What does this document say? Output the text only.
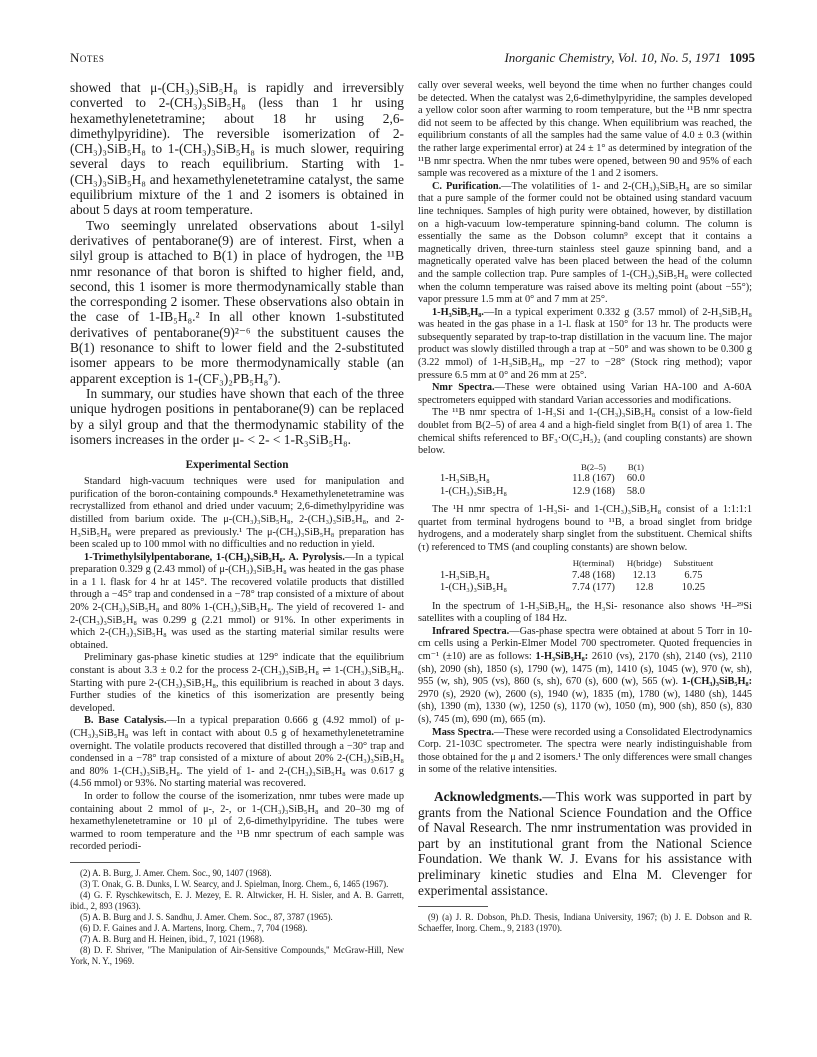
Notes	Inorganic Chemistry, Vol. 10, No. 5, 1971 1095

showed that μ-(CH₃)₃SiB₅H₈ is rapidly and irreversibly converted to 2-(CH₃)₃SiB₅H₈ (less than 1 hr using hexamethylenetetramine; about 18 hr using 2,6-dimethylpyridine). The reversible isomerization of 2-(CH₃)₃SiB₅H₈ to 1-(CH₃)₃SiB₅H₈ is much slower, requiring several days to reach equilibrium. Starting with 1-(CH₃)₃SiB₅H₈ and hexamethylenetetramine catalyst, the same equilibrium mixture of the 1 and 2 isomers is obtained in about 5 days at room temperature.

Two seemingly unrelated observations about 1-silyl derivatives of pentaborane(9) are of interest. First, when a silyl group is attached to B(1) in place of hydrogen, the ¹¹B nmr resonance of that boron is shifted to higher field, and, second, this 1 isomer is more thermodynamically stable than the corresponding 2 isomer. These observations also obtain in the case of 1-IB₅H₈.² In all other known 1-substituted derivatives of pentaborane(9)²⁻⁶ the substituent causes the B(1) resonance to shift to lower field and the 2-substituted isomer appears to be more thermodynamically stable (an apparent exception is 1-(CF₃)₂PB₅H₈⁷).

In summary, our studies have shown that each of the three unique hydrogen positions in pentaborane(9) can be replaced by a silyl group and that the thermodynamic stability of the isomers increases in the order μ- < 2- < 1-R₃SiB₅H₈.

Experimental Section

Standard high-vacuum techniques were used for manipulation and purification of the boron-containing compounds.⁸ Hexamethylenetetramine was recrystallized from ethanol and dried under vacuum; 2,6-dimethylpyridine was distilled from barium oxide. The μ-(CH₃)₃SiB₅H₈, 2-(CH₃)₃SiB₅H₈, and 2-H₃SiB₅H₈ were prepared as previously.¹ The μ-(CH₃)₃SiB₅H₈ preparation has been scaled up to 100 mmol with no difficulties and no reduction in yield.

1-Trimethylsilylpentaborane, 1-(CH₃)₃SiB₅H₈. A. Pyrolysis.—In a typical preparation 0.329 g (2.43 mmol) of μ-(CH₃)₃SiB₅H₈ was heated in the gas phase in a 1 l. flask for 4 hr at 145°. The recovered volatile products that distilled through a −45° trap and condensed in a −78° trap consisted of a mixture of about 20% 2-(CH₃)₃SiB₅H₈ and 80% 1-(CH₃)₃SiB₅H₈. The yield of recovered 1- and 2-(CH₃)₃SiB₅H₈ was 0.299 g (2.21 mmol) or 91%. In other experiments in which 2-(CH₃)₃SiB₅H₈ was used as the starting material similar results were obtained.

Preliminary gas-phase kinetic studies at 129° indicate that the equilibrium constant is about 3.3 ± 0.2 for the process 2-(CH₃)₃SiB₅H₈ ⇌ 1-(CH₃)₃SiB₅H₈. Starting with pure 2-(CH₃)₃SiB₅H₈, this equilibrium is reached in about 3 days. Further studies of the kinetics of this isomerization are presently being developed.

B. Base Catalysis.—In a typical preparation 0.666 g (4.92 mmol) of μ-(CH₃)₃SiB₅H₈ was left in contact with about 0.5 g of hexamethylenetetramine overnight. The volatile products recovered that distilled through a −30° trap and condensed in a −78° trap consisted of a mixture of about 20% 2-(CH₃)₃SiB₅H₈ and 80% 1-(CH₃)₃SiB₅H₈. The yield of 1- and 2-(CH₃)₃SiB₅H₈ was 0.617 g (4.56 mmol) or 93%. No starting material was recovered.

In order to follow the course of the isomerization, nmr tubes were made up containing about 2 mmol of μ-, 2-, or 1-(CH₃)₃SiB₅H₈ and 20–30 mg of hexamethylenetetramine or 10 μl of 2,6-dimethylpyridine. The tubes were warmed to room temperature and the ¹¹B nmr spectrum of each sample was recorded periodi-

(2) A. B. Burg, J. Amer. Chem. Soc., 90, 1407 (1968).

(3) T. Onak, G. B. Dunks, I. W. Searcy, and J. Spielman, Inorg. Chem., 6, 1465 (1967).

(4) G. F. Ryschkewitsch, E. J. Mezey, E. R. Altwicker, H. H. Sisler, and A. B. Garrett, ibid., 2, 893 (1963).

(5) A. B. Burg and J. S. Sandhu, J. Amer. Chem. Soc., 87, 3787 (1965).

(6) D. F. Gaines and J. A. Martens, Inorg. Chem., 7, 704 (1968).

(7) A. B. Burg and H. Heinen, ibid., 7, 1021 (1968).

(8) D. F. Shriver, "The Manipulation of Air-Sensitive Compounds," McGraw-Hill, New York, N. Y., 1969.

cally over several weeks, well beyond the time when no further changes could be detected. When the catalyst was 2,6-dimethylpyridine, the samples developed a yellow color soon after warming to room temperature, but the ¹¹B nmr spectra did not seem to be affected by this change. When equilibrium was reached, the equilibrium constants of all the samples had the same value of 4.0 ± 0.3 (within the rather large experimental error) at 24 ± 1° as determined by integration of the ¹¹B nmr spectra. When the nmr tubes were opened, between 90 and 95% of each sample was recovered as a mixture of the 1 and 2 isomers.

C. Purification.—The volatilities of 1- and 2-(CH₃)₃SiB₅H₈ are so similar that a pure sample of the former could not be obtained using standard vacuum line techniques. Samples of high purity were obtained, however, by distillation on a high-vacuum low-temperature spinning-band column. The column is essentially the same as the Dobson column⁹ except that it contains a magnetically driven, three-turn stainless steel gauze spinning band, and a magnetically operated valve has been placed between the head of the column and the sample collection trap. Pure samples of 1-(CH₃)₃SiB₅H₈ were collected when the column temperature was raised above its melting point (about −55°); vapor pressure 1.5 mm at 0° and 7 mm at 25°.

1-H₃SiB₅H₈.—In a typical experiment 0.332 g (3.57 mmol) of 2-H₃SiB₅H₈ was heated in the gas phase in a 1-l. flask at 150° for 13 hr. The products were subsequently separated by trap-to-trap distillation in the vacuum line. The major product was slowly distilled through a trap at −50° and was shown to be 0.300 g (3.22 mmol) of 1-H₃SiB₅H₈, mp −27 to −28° (Stock ring method); vapor pressure 6.5 mm at 0° and 26 mm at 25°.

Nmr Spectra.—These were obtained using Varian HA-100 and A-60A spectrometers equipped with standard Varian accessories and modifications.

The ¹¹B nmr spectra of 1-H₃Si and 1-(CH₃)₃SiB₅H₈ consist of a low-field doublet from B(2–5) of area 4 and a high-field singlet from B(1) of area 1. The chemical shifts referenced to BF₃·O(C₂H₅)₂ (and coupling constants) are shown below.

	B(2–5)	B(1)
1-H₃SiB₅H₈	11.8 (167)	60.0
1-(CH₃)₃SiB₅H₈	12.9 (168)	58.0

The ¹H nmr spectra of 1-H₃Si- and 1-(CH₃)₃SiB₅H₈ consist of a 1:1:1:1 quartet from terminal hydrogens bound to ¹¹B, a broad singlet from bridge hydrogens, and a moderately sharp singlet from the substituent. Chemical shifts (τ) referenced to TMS (and coupling constants) are shown below.

	H(terminal)	H(bridge)	Substituent
1-H₃SiB₅H₈	7.48 (168)	12.13	6.75
1-(CH₃)₃SiB₅H₈	7.74 (177)	12.8	10.25

In the spectrum of 1-H₃SiB₅H₈, the H₃Si- resonance also shows ¹H–²⁹Si satellites with a coupling of 184 Hz.

Infrared Spectra.—Gas-phase spectra were obtained at about 5 Torr in 10-cm cells using a Perkin-Elmer Model 700 spectrometer. Quoted frequencies in cm⁻¹ (±10) are as follows: 1-H₃SiB₅H₈: 2610 (vs), 2170 (sh), 2140 (vs), 2110 (sh), 2090 (sh), 1850 (s), 1790 (w), 1475 (m), 1410 (s), 1045 (w), 970 (w, sh), 955 (w, sh), 905 (vs), 860 (s, sh), 670 (s), 600 (w), 565 (w). 1-(CH₃)₃SiB₅H₈: 2970 (s), 2920 (w), 2600 (s), 1940 (w), 1835 (m), 1780 (w), 1480 (sh), 1445 (sh), 1390 (m), 1330 (w), 1250 (s), 1170 (w), 1050 (m), 900 (sh), 850 (s), 830 (s), 745 (m), 690 (m), 665 (m).

Mass Spectra.—These were recorded using a Consolidated Electrodynamics Corp. 21-103C spectrometer. The spectra were nearly indistinguishable from those obtained for the μ and 2 isomers.¹ The only differences were small changes in some of the relative intensities.

Acknowledgments.—This work was supported in part by grants from the National Science Foundation and the Office of Naval Research. The nmr instrumentation was provided in part by an institutional grant from the National Science Foundation. We thank W. J. Evans for his assistance with preliminary kinetic studies and Elna M. Clevenger for experimental assistance.

(9) (a) J. R. Dobson, Ph.D. Thesis, Indiana University, 1967; (b) J. E. Dobson and R. Schaeffer, Inorg. Chem., 9, 2183 (1970).
